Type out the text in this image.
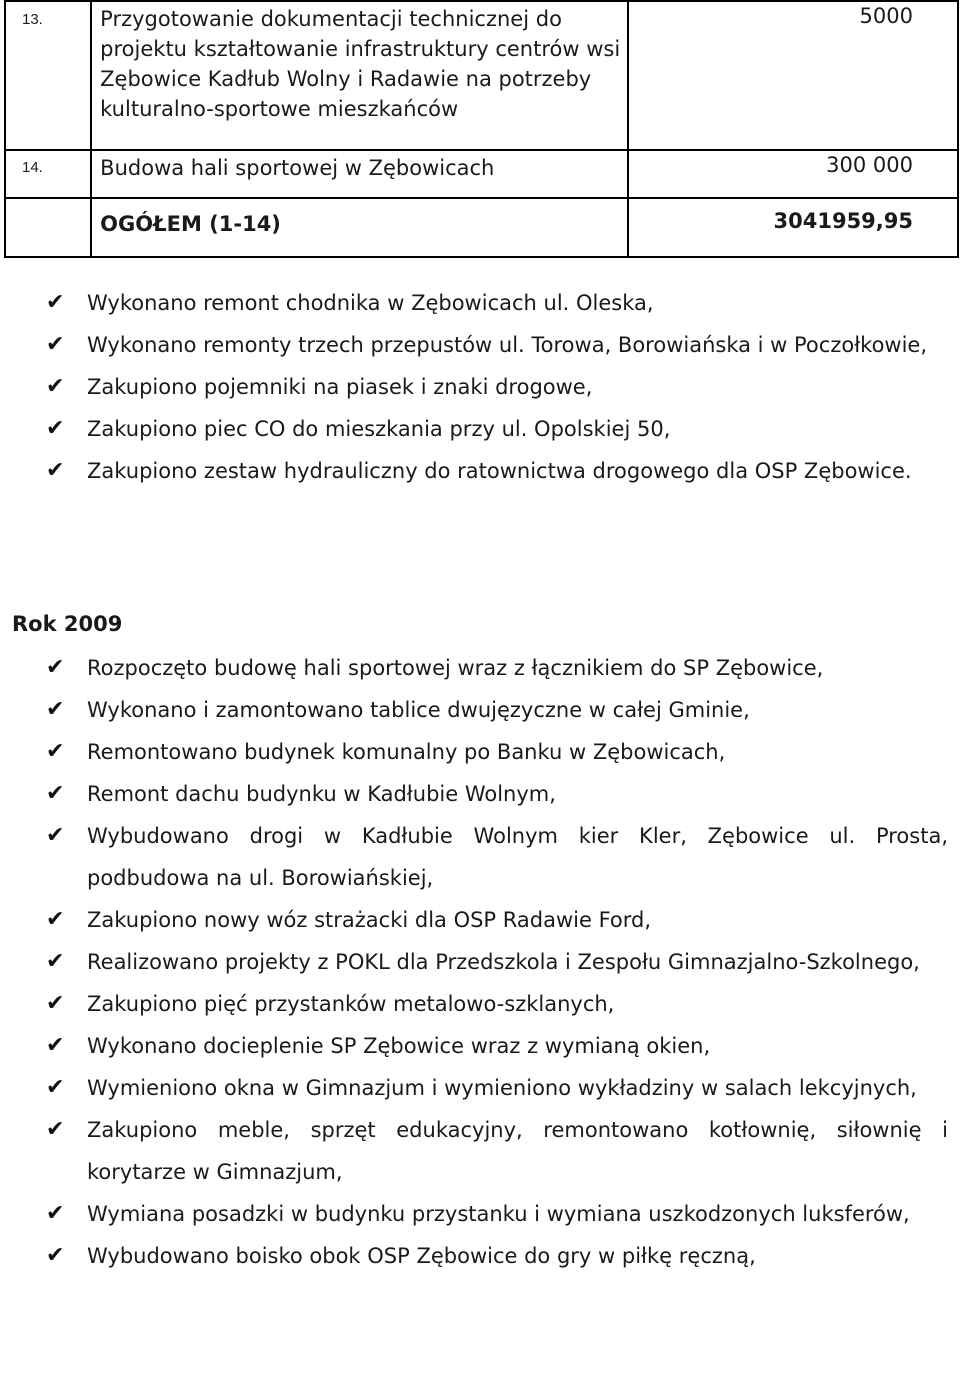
13.	Przygotowanie dokumentacji technicznej do projektu kształtowanie infrastruktury centrów wsi Zębowice Kadłub Wolny i Radawie na potrzeby kulturalno-sportowe mieszkańców	5000
14.	Budowa hali sportowej w Zębowicach	300 000
	OGÓŁEM (1-14)	3041959,95
✔ Wykonano remont chodnika w Zębowicach ul. Oleska,
✔ Wykonano remonty trzech przepustów ul. Torowa, Borowiańska i w Poczołkowie,
✔ Zakupiono pojemniki na piasek i znaki drogowe,
✔ Zakupiono piec CO do mieszkania przy ul. Opolskiej 50,
✔ Zakupiono zestaw hydrauliczny do ratownictwa drogowego dla OSP Zębowice.
Rok 2009
✔ Rozpoczęto budowę hali sportowej wraz z łącznikiem do SP Zębowice,
✔ Wykonano i zamontowano tablice dwujęzyczne w całej Gminie,
✔ Remontowano budynek komunalny po Banku w Zębowicach,
✔ Remont dachu budynku w Kadłubie Wolnym,
✔ Wybudowano drogi w Kadłubie Wolnym kier Kler, Zębowice ul. Prosta, podbudowa na ul. Borowiańskiej,
✔ Zakupiono nowy wóz strażacki dla OSP Radawie Ford,
✔ Realizowano projekty z POKL dla Przedszkola i Zespołu Gimnazjalno-Szkolnego,
✔ Zakupiono pięć przystanków metalowo-szklanych,
✔ Wykonano docieplenie SP Zębowice wraz z wymianą okien,
✔ Wymieniono okna w Gimnazjum i wymieniono wykładziny w salach lekcyjnych,
✔ Zakupiono meble, sprzęt edukacyjny, remontowano kotłownię, siłownię i korytarze w Gimnazjum,
✔ Wymiana posadzki w budynku przystanku i wymiana uszkodzonych luksferów,
✔ Wybudowano boisko obok OSP Zębowice do gry w piłkę ręczną,
